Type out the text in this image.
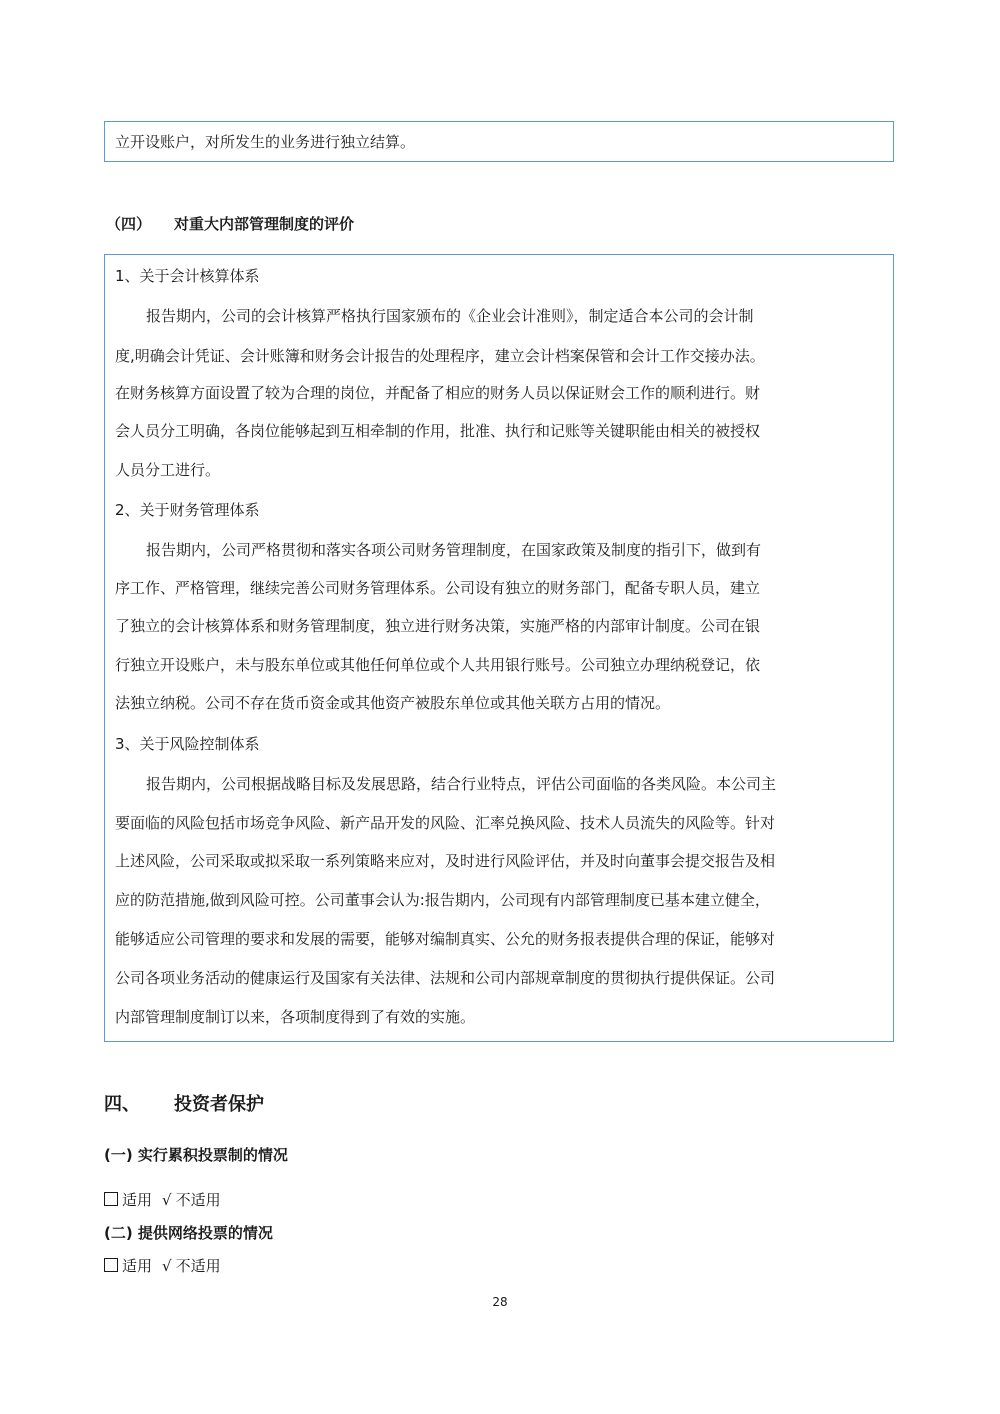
立开设账户，对所发生的业务进行独立结算。
（四） 对重大内部管理制度的评价
1、关于会计核算体系
报告期内，公司的会计核算严格执行国家颁布的《企业会计准则》，制定适合本公司的会计制
度,明确会计凭证、会计账簿和财务会计报告的处理程序，建立会计档案保管和会计工作交接办法。
在财务核算方面设置了较为合理的岗位，并配备了相应的财务人员以保证财会工作的顺利进行。财
会人员分工明确，各岗位能够起到互相牵制的作用，批准、执行和记账等关键职能由相关的被授权
人员分工进行。
2、关于财务管理体系
报告期内，公司严格贯彻和落实各项公司财务管理制度，在国家政策及制度的指引下，做到有
序工作、严格管理，继续完善公司财务管理体系。公司设有独立的财务部门，配备专职人员，建立
了独立的会计核算体系和财务管理制度，独立进行财务决策，实施严格的内部审计制度。公司在银
行独立开设账户，未与股东单位或其他任何单位或个人共用银行账号。公司独立办理纳税登记，依
法独立纳税。公司不存在货币资金或其他资产被股东单位或其他关联方占用的情况。
3、关于风险控制体系
报告期内，公司根据战略目标及发展思路，结合行业特点，评估公司面临的各类风险。本公司主
要面临的风险包括市场竞争风险、新产品开发的风险、汇率兑换风险、技术人员流失的风险等。针对
上述风险，公司采取或拟采取一系列策略来应对，及时进行风险评估，并及时向董事会提交报告及相
应的防范措施,做到风险可控。公司董事会认为:报告期内，公司现有内部管理制度已基本建立健全，
能够适应公司管理的要求和发展的需要，能够对编制真实、公允的财务报表提供合理的保证，能够对
公司各项业务活动的健康运行及国家有关法律、法规和公司内部规章制度的贯彻执行提供保证。公司
内部管理制度制订以来，各项制度得到了有效的实施。
四、 投资者保护
(一) 实行累积投票制的情况
适用 √ 不适用
(二) 提供网络投票的情况
适用 √ 不适用
28
